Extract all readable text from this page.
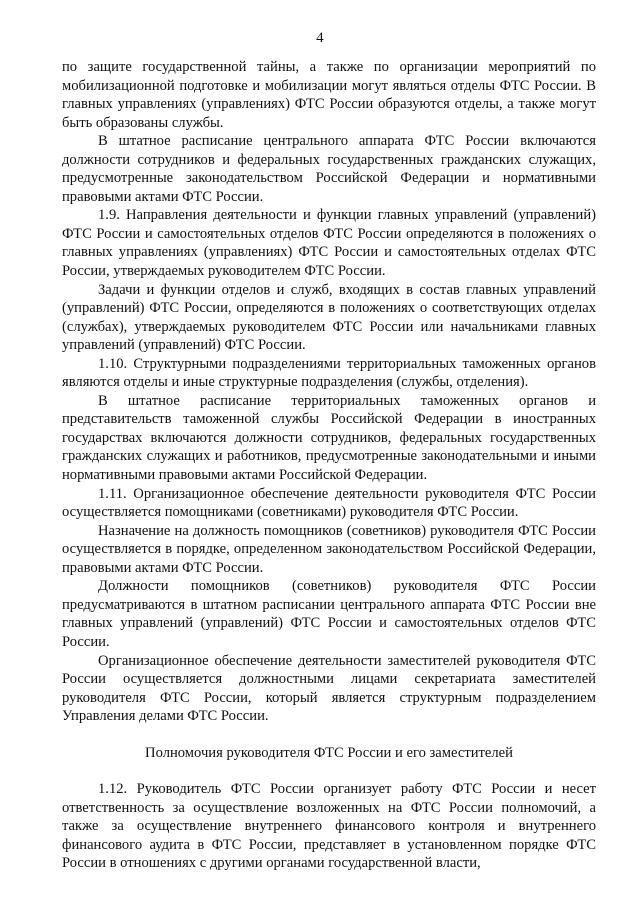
4

по защите государственной тайны, а также по организации мероприятий по мобилизационной подготовке и мобилизации могут являться отделы ФТС России. В главных управлениях (управлениях) ФТС России образуются отделы, а также могут быть образованы службы.

В штатное расписание центрального аппарата ФТС России включаются должности сотрудников и федеральных государственных гражданских служащих, предусмотренные законодательством Российской Федерации и нормативными правовыми актами ФТС России.

1.9. Направления деятельности и функции главных управлений (управлений) ФТС России и самостоятельных отделов ФТС России определяются в положениях о главных управлениях (управлениях) ФТС России и самостоятельных отделах ФТС России, утверждаемых руководителем ФТС России.

Задачи и функции отделов и служб, входящих в состав главных управлений (управлений) ФТС России, определяются в положениях о соответствующих отделах (службах), утверждаемых руководителем ФТС России или начальниками главных управлений (управлений) ФТС России.

1.10. Структурными подразделениями территориальных таможенных органов являются отделы и иные структурные подразделения (службы, отделения).

В штатное расписание территориальных таможенных органов и представительств таможенной службы Российской Федерации в иностранных государствах включаются должности сотрудников, федеральных государственных гражданских служащих и работников, предусмотренные законодательными и иными нормативными правовыми актами Российской Федерации.

1.11. Организационное обеспечение деятельности руководителя ФТС России осуществляется помощниками (советниками) руководителя ФТС России.

Назначение на должность помощников (советников) руководителя ФТС России осуществляется в порядке, определенном законодательством Российской Федерации, правовыми актами ФТС России.

Должности помощников (советников) руководителя ФТС России предусматриваются в штатном расписании центрального аппарата ФТС России вне главных управлений (управлений) ФТС России и самостоятельных отделов ФТС России.

Организационное обеспечение деятельности заместителей руководителя ФТС России осуществляется должностными лицами секретариата заместителей руководителя ФТС России, который является структурным подразделением Управления делами ФТС России.

Полномочия руководителя ФТС России и его заместителей

1.12. Руководитель ФТС России организует работу ФТС России и несет ответственность за осуществление возложенных на ФТС России полномочий, а также за осуществление внутреннего финансового контроля и внутреннего финансового аудита в ФТС России, представляет в установленном порядке ФТС России в отношениях с другими органами государственной власти,
